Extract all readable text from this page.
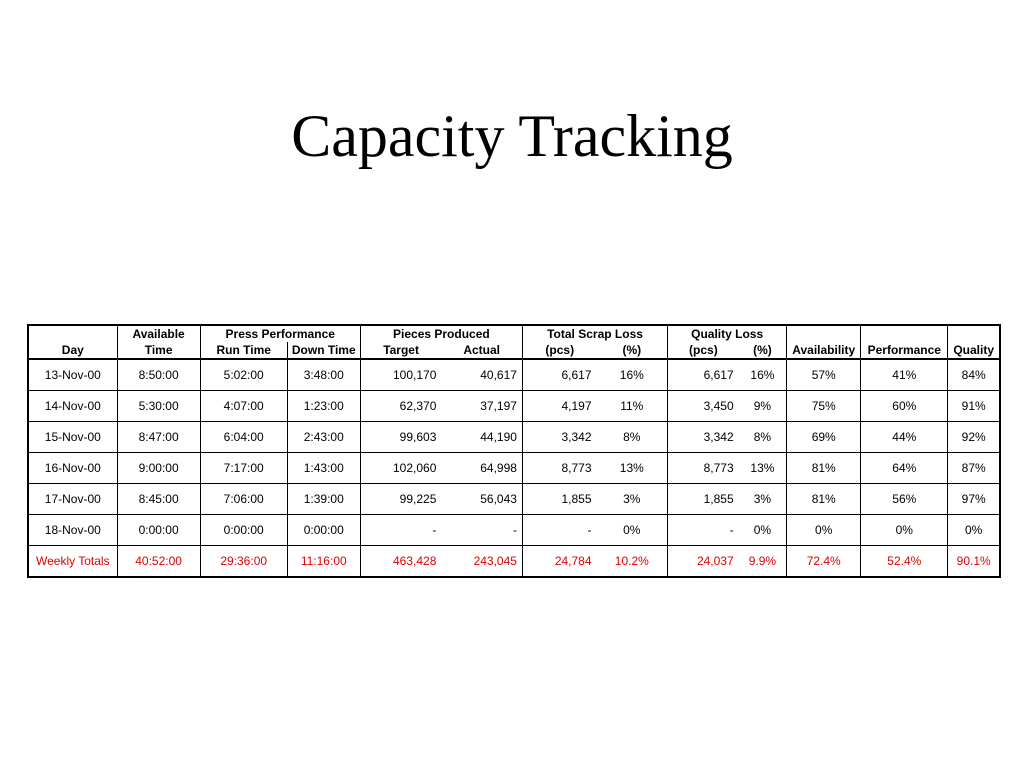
Capacity Tracking
	Available	Press Performance		Pieces Produced		Total Scrap Loss		Quality Loss				
Day	Time	Run Time	Down Time	Target	Actual	(pcs)	(%)	(pcs)	(%)	Availability	Performance	Quality
13-Nov-00	8:50:00	5:02:00	3:48:00	100,170	40,617	6,617	16%	6,617	16%	57%	41%	84%
14-Nov-00	5:30:00	4:07:00	1:23:00	62,370	37,197	4,197	11%	3,450	9%	75%	60%	91%
15-Nov-00	8:47:00	6:04:00	2:43:00	99,603	44,190	3,342	8%	3,342	8%	69%	44%	92%
16-Nov-00	9:00:00	7:17:00	1:43:00	102,060	64,998	8,773	13%	8,773	13%	81%	64%	87%
17-Nov-00	8:45:00	7:06:00	1:39:00	99,225	56,043	1,855	3%	1,855	3%	81%	56%	97%
18-Nov-00	0:00:00	0:00:00	0:00:00	-	-	-	0%	-	0%	0%	0%	0%
Weekly Totals	40:52:00	29:36:00	11:16:00	463,428	243,045	24,784	10.2%	24,037	9.9%	72.4%	52.4%	90.1%
